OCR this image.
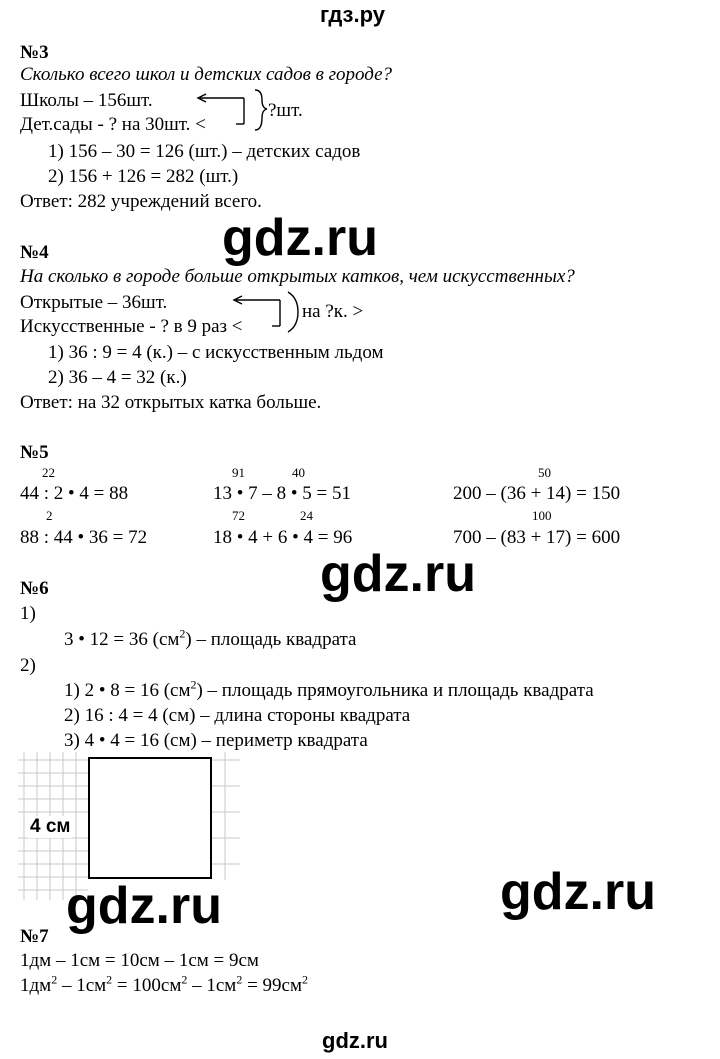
гдз.ру
№3
Сколько всего школ и детских садов в городе?
Школы – 156шт.
Дет.сады - ? на 30шт. <
?шт.
1) 156 – 30 = 126 (шт.) – детских садов
2) 156 + 126 = 282 (шт.)
Ответ: 282 учреждений всего.
№4
На сколько в городе больше открытых катков, чем искусственных?
Открытые – 36шт.
Искусственные - ? в 9 раз <
на ?к. >
1) 36 : 9 = 4 (к.) – с искусственным льдом
2) 36 – 4 = 32 (к.)
Ответ: на 32 открытых катка больше.
№5
22
44 : 2 • 4 = 88
91	40
13 • 7 – 8 • 5 = 51
50
200 – (36 + 14) = 150
2
88 : 44 • 36 = 72
72	24
18 • 4 + 6 • 4 = 96
100
700 – (83 + 17) = 600
№6
1)
3 • 12 = 36 $(см^2)$ – площадь квадрата
2)
1) 2 • 8 = 16 $(см^2)$ – площадь прямоугольника и площадь квадрата
2) 16 : 4 = 4 (см) – длина стороны квадрата
3) 4 • 4 = 16 (см) – периметр квадрата
4 см
№7
1дм – 1см = 10см – 1см = 9см
$1дм^2 - 1см^2 = 100см^2 - 1см^2 = 99см^2$
gdz.ru
gdz.ru
gdz.ru
gdz.ru
gdz.ru
